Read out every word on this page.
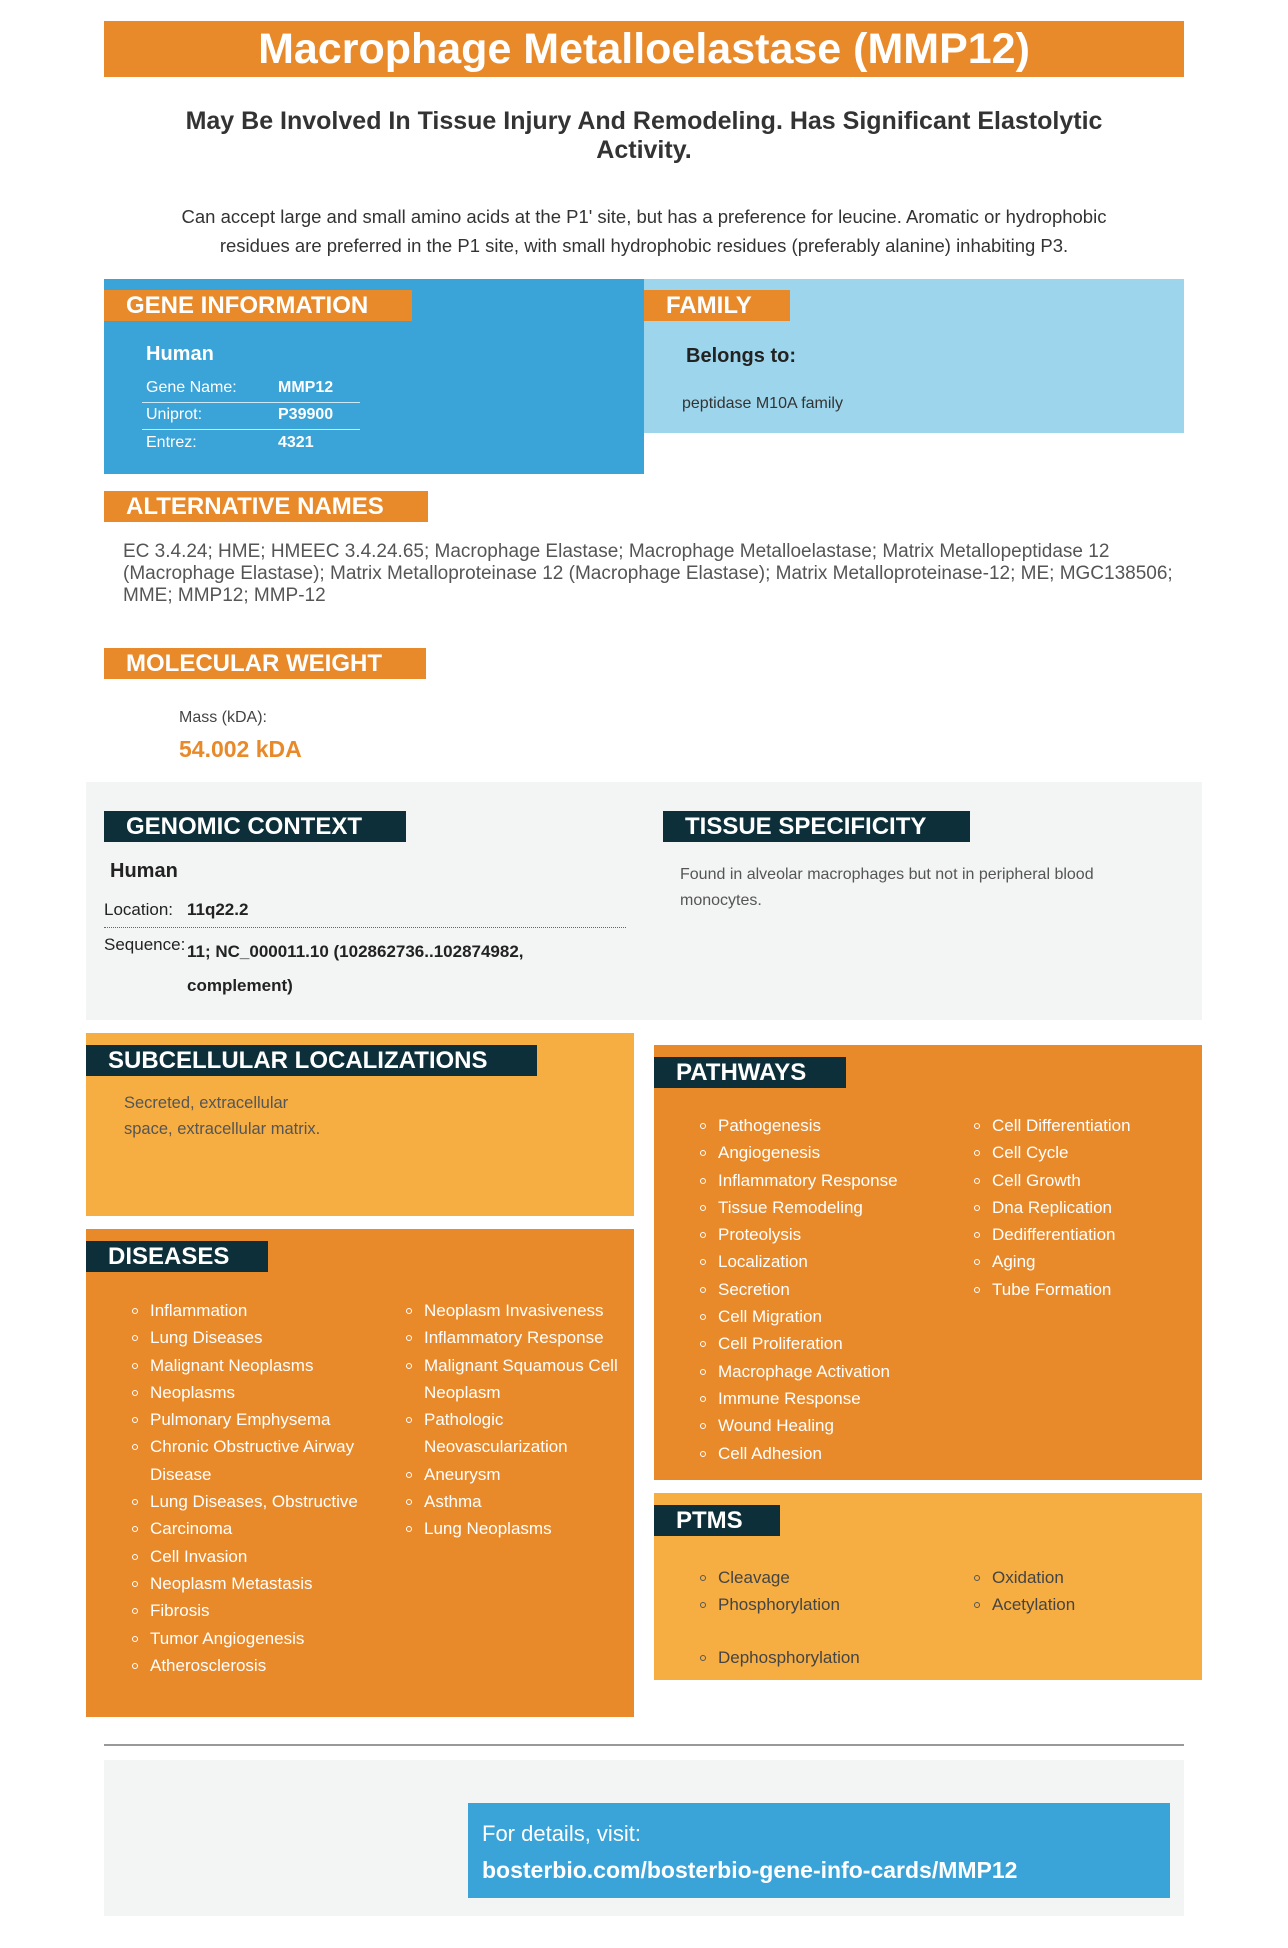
Macrophage Metalloelastase (MMP12)
May Be Involved In Tissue Injury And Remodeling. Has Significant Elastolytic Activity.
Can accept large and small amino acids at the P1' site, but has a preference for leucine. Aromatic or hydrophobic residues are preferred in the P1 site, with small hydrophobic residues (preferably alanine) inhabiting P3.
GENE INFORMATION
Human
Gene Name:	MMP12
Uniprot:	P39900
Entrez:	4321
FAMILY
Belongs to:
peptidase M10A family
ALTERNATIVE NAMES
EC 3.4.24; HME; HMEEC 3.4.24.65; Macrophage Elastase; Macrophage Metalloelastase; Matrix Metallopeptidase 12 (Macrophage Elastase); Matrix Metalloproteinase 12 (Macrophage Elastase); Matrix Metalloproteinase-12; ME; MGC138506; MME; MMP12; MMP-12
MOLECULAR WEIGHT
Mass (kDA):
54.002 kDA
GENOMIC CONTEXT
Human
Location: 11q22.2
Sequence: 11; NC_000011.10 (102862736..102874982, complement)
TISSUE SPECIFICITY
Found in alveolar macrophages but not in peripheral blood monocytes.
SUBCELLULAR LOCALIZATIONS
Secreted, extracellular space, extracellular matrix.
DISEASES
Inflammation
Lung Diseases
Malignant Neoplasms
Neoplasms
Pulmonary Emphysema
Chronic Obstructive Airway Disease
Lung Diseases, Obstructive
Carcinoma
Cell Invasion
Neoplasm Metastasis
Fibrosis
Tumor Angiogenesis
Atherosclerosis
Neoplasm Invasiveness
Inflammatory Response
Malignant Squamous Cell Neoplasm
Pathologic Neovascularization
Aneurysm
Asthma
Lung Neoplasms
PATHWAYS
Pathogenesis
Angiogenesis
Inflammatory Response
Tissue Remodeling
Proteolysis
Localization
Secretion
Cell Migration
Cell Proliferation
Macrophage Activation
Immune Response
Wound Healing
Cell Adhesion
Cell Differentiation
Cell Cycle
Cell Growth
Dna Replication
Dedifferentiation
Aging
Tube Formation
PTMS
Cleavage
Phosphorylation
Oxidation
Acetylation
Dephosphorylation
For details, visit:
bosterbio.com/bosterbio-gene-info-cards/MMP12
